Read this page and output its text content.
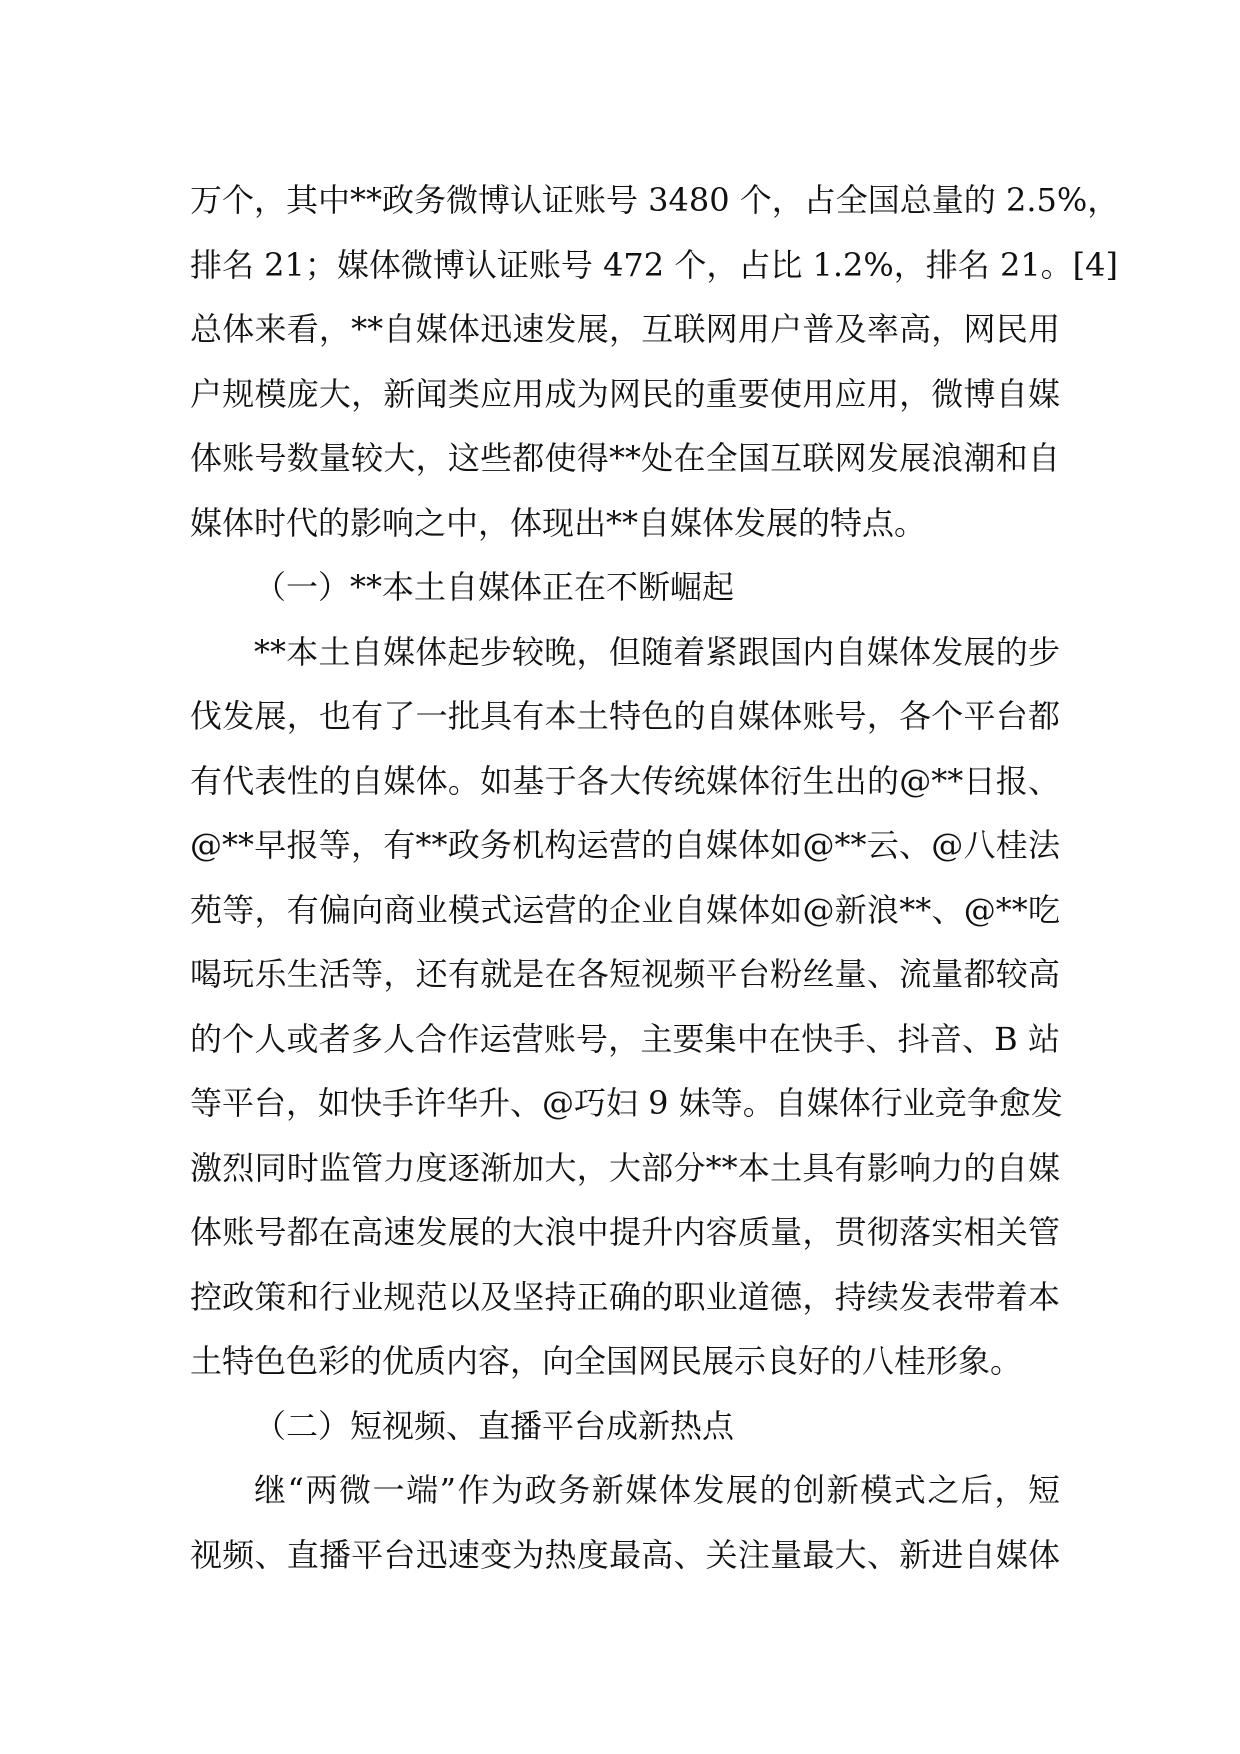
万个，其中**政务微博认证账号 3480 个，占全国总量的 2.5%，
排名 21；媒体微博认证账号 472 个，占比 1.2%，排名 21。[4]
总体来看，**自媒体迅速发展，互联网用户普及率高，网民用
户规模庞大，新闻类应用成为网民的重要使用应用，微博自媒
体账号数量较大，这些都使得**处在全国互联网发展浪潮和自
媒体时代的影响之中，体现出**自媒体发展的特点。
（一）**本土自媒体正在不断崛起
**本土自媒体起步较晚，但随着紧跟国内自媒体发展的步
伐发展，也有了一批具有本土特色的自媒体账号，各个平台都
有代表性的自媒体。如基于各大传统媒体衍生出的@**日报、
@**早报等，有**政务机构运营的自媒体如@**云、@八桂法
苑等，有偏向商业模式运营的企业自媒体如@新浪**、@**吃
喝玩乐生活等，还有就是在各短视频平台粉丝量、流量都较高
的个人或者多人合作运营账号，主要集中在快手、抖音、B 站
等平台，如快手许华升、@巧妇 9 妹等。自媒体行业竞争愈发
激烈同时监管力度逐渐加大，大部分**本土具有影响力的自媒
体账号都在高速发展的大浪中提升内容质量，贯彻落实相关管
控政策和行业规范以及坚持正确的职业道德，持续发表带着本
土特色色彩的优质内容，向全国网民展示良好的八桂形象。
（二）短视频、直播平台成新热点
继“两微一端”作为政务新媒体发展的创新模式之后，短
视频、直播平台迅速变为热度最高、关注量最大、新进自媒体
